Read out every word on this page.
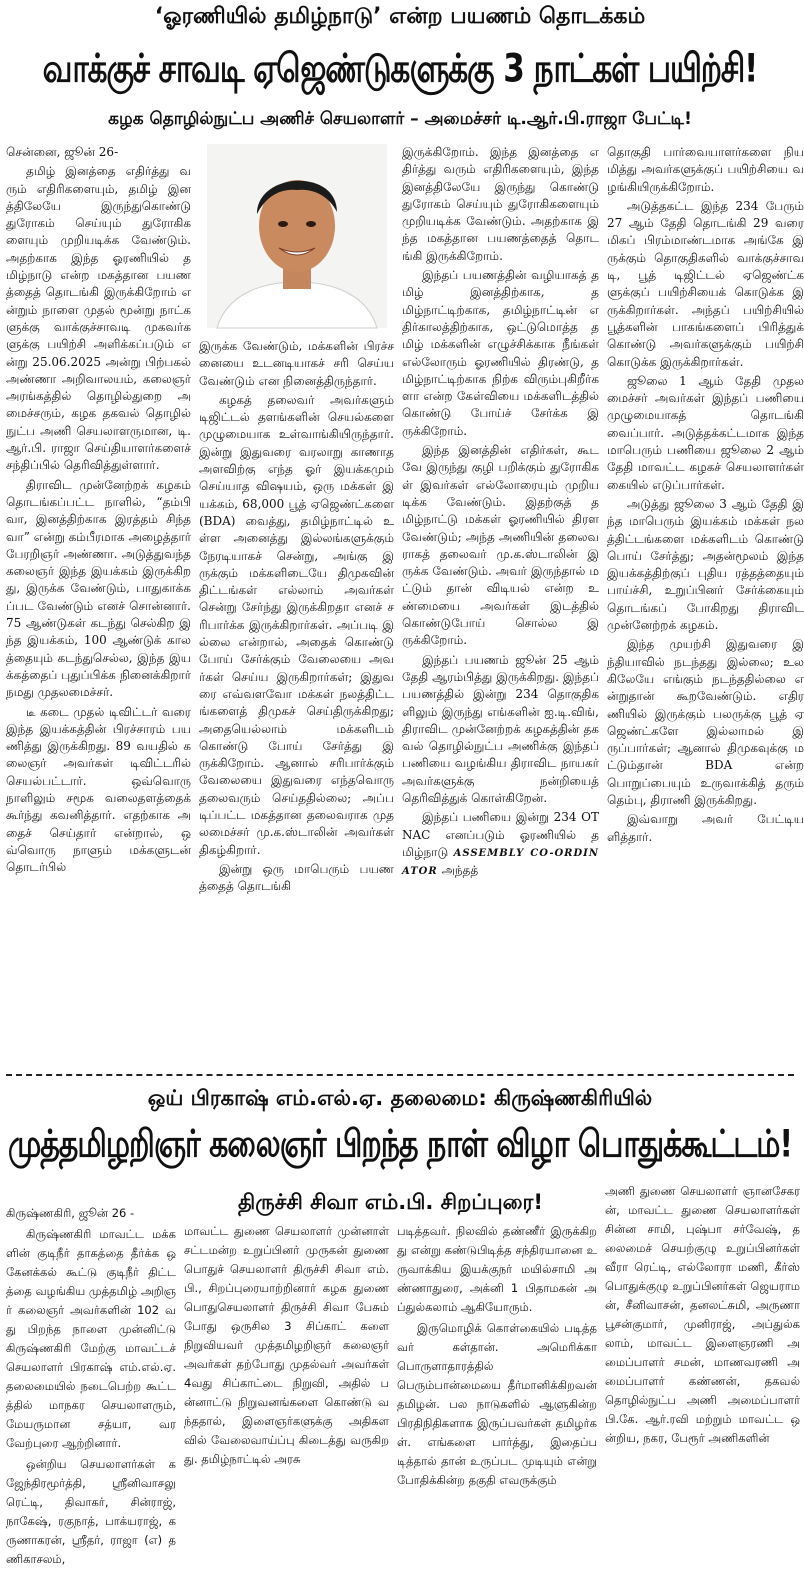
‘ஓரணியில் தமிழ்நாடு’ என்ற பயணம் தொடக்கம்
வாக்குச் சாவடி ஏஜெண்டுகளுக்கு 3 நாட்கள் பயிற்சி!
கழக தொழில்நுட்ப அணிச் செயலாளர் – அமைச்சர் டி.ஆர்.பி.ராஜா பேட்டி!

சென்னை, ஜூன் 26-

தமிழ் இனத்தை எதிர்த்து வரும் எதிரிகளையும், தமிழ் இனத்திலேயே இருந்துகொண்டு துரோகம் செய்யும் துரோகிகளையும் முறியடிக்க வேண்டும். அதற்காக இந்த ஓரணியில் தமிழ்நாடு என்ற மகத்தான பயணத்தைத் தொடங்கி இருக்கிறோம் என்றும் நாளை முதல் மூன்று நாட்களுக்கு வாக்குச்சாவடி முகவர்களுக்கு பயிற்சி அளிக்கப்படும் என்று 25.06.2025 அன்று பிற்பகல் அண்ணா அறிவாலயம், கலைஞர் அரங்கத்தில் தொழில்துறை அமைச்சரும், கழக தகவல் தொழில் நுட்ப அணி செயலாளருமான, டி.ஆர்.பி. ராஜா செய்தியாளர்களைச் சந்திப்பில் தெரிவித்துள்ளார்.

திராவிட முன்னேற்றக் கழகம் தொடங்கப்பட்ட நாளில், “தம்பி வா, இனத்திற்காக இரத்தம் சிந்த வா” என்று கம்பீரமாக அழைத்தார் பேரறிஞர் அண்ணா. அடுத்துவந்த கலைஞர் இந்த இயக்கம் இருக்கிறது, இருக்க வேண்டும், பாதுகாக்கப்பட வேண்டும் எனச் சொன்னார். 75 ஆண்டுகள் கடந்து செல்கிற இந்த இயக்கம், 100 ஆண்டுக் காலத்தையும் கடந்துசெல்ல, இந்த இயக்கத்தைப் புதுப்பிக்க நினைக்கிறார் நமது முதலமைச்சர்.

டீ கடை முதல் டிவிட்டர் வரை இந்த இயக்கத்தின் பிரச்சாரம் பயணித்து இருக்கிறது. 89 வயதில் கலைஞர் அவர்கள் டிவிட்டரில் செயல்பட்டார். ஒவ்வொரு நாளிலும் சமூக வலைதளத்தைக் கூர்ந்து கவனித்தார். எதற்காக அதைச் செய்தார் என்றால், ஒவ்வொரு நாளும் மக்களுடன் தொடர்பில்

இருக்க வேண்டும், மக்களின் பிரச்சனையை உடனடியாகச் சரி செய்ய வேண்டும் என நினைத்திருந்தார்.

கழகத் தலைவர் அவர்களும் டிஜிட்டல் தளங்களின் செயல்களை முழுமையாக உள்வாங்கியிருந்தார். இன்று இதுவரை வரலாறு காணாத அளவிற்கு எந்த ஓர் இயக்கமும் செய்யாத விஷயம், ஒரு மக்கள் இயக்கம், 68,000 பூத் ஏஜெண்ட்களை (BDA) வைத்து, தமிழ்நாட்டில் உள்ள அனைத்து இல்லங்களுக்கும் நேரடியாகச் சென்று, அங்கு இருக்கும் மக்களிடையே திமுகவின் திட்டங்கள் எல்லாம் அவர்கள் சென்று சேர்ந்து இருக்கிறதா எனச் சரிபார்க்க இருக்கிறார்கள். அப்படி இல்லை என்றால், அதைக் கொண்டு போய் சேர்க்கும் வேலையை அவர்கள் செய்ய இருகிறார்கள்; இதுவரை எவ்வளவோ மக்கள் நலத்திட்டங்களைத் திமுகச் செய்திருக்கிறது; அதையெல்லாம் மக்களிடம் கொண்டு போய் சேர்த்து இருக்கிறோம். ஆனால் சரிபார்க்கும் வேலையை இதுவரை எந்தவொரு தலைவரும் செய்ததில்லை; அப்படிப்பட்ட மகத்தான தலைவராக முதலமைச்சர் மு.க.ஸ்டாலின் அவர்கள் திகழ்கிறார்.

இன்று ஒரு மாபெரும் பயணத்தைத் தொடங்கி

இருக்கிறோம். இந்த இனத்தை எதிர்த்து வரும் எதிரிகளையும், இந்த இனத்திலேயே இருந்து கொண்டு துரோகம் செய்யும் துரோகிகளையும் முறியடிக்க வேண்டும். அதற்காக இந்த மகத்தான பயணத்தைத் தொடங்கி இருக்கிறோம்.

இந்தப் பயணத்தின் வழியாகத் தமிழ் இனத்திற்காக, தமிழ்நாட்டிற்காக, தமிழ்நாட்டின் எதிர்காலத்திற்காக, ஒட்டுமொத்த தமிழ் மக்களின் எழுச்சிக்காக நீங்கள் எல்லோரும் ஓரணியில் திரண்டு, தமிழ்நாட்டிற்காக நிற்க விரும்புகிறீர்களா என்ற கேள்வியை மக்களிடத்தில் கொண்டு போய்ச் சேர்க்க இருக்கிறோம்.

இந்த இனத்தின் எதிர்கள், கூடவே இருந்து குழி பறிக்கும் துரோகிகள் இவர்கள் எல்லோரையும் முறியடிக்க வேண்டும். இதற்குத் தமிழ்நாட்டு மக்கள் ஓரணியில் திரள வேண்டும்; அந்த அணியின் தலைவராகத் தலைவர் மு.க.ஸ்டாலின் இருக்க வேண்டும். அவர் இருந்தால் மட்டும் தான் விடியல் என்ற உண்மையை அவர்கள் இடத்தில் கொண்டுபோய் சொல்ல இருக்கிறோம்.

இந்தப் பயணம் ஜூன் 25 ஆம் தேதி ஆரம்பித்து இருக்கிறது. இந்தப் பயணத்தில் இன்று 234 தொகுதிகளிலும் இருந்து எங்களின் ஐ.டி.விங், திராவிட முன்னேற்றக் கழகத்தின் தகவல் தொழில்நுட்ப அணிக்கு இந்தப் பணியை வழங்கிய திராவிட நாயகர் அவர்களுக்கு நன்றியைத் தெரிவித்துக் கொள்கிறேன்.

இந்தப் பணியை இன்று 234 OTNAC எனப்படும் ஓரணியில் தமிழ்நாடு ASSEMBLY CO-ORDINATOR அந்தத்

தொகுதி பார்வையாளர்களை நியமித்து அவர்களுக்குப் பயிற்சியை வழங்கியிருக்கிறோம்.

அடுத்தகட்ட இந்த 234 பேரும் 27 ஆம் தேதி தொடங்கி 29 வரை மிகப் பிரம்மாண்டமாக அங்கே இருக்கும் தொகுதிகளில் வாக்குச்சாவடி, பூத் டிஜிட்டல் ஏஜெண்ட்களுக்குப் பயிற்சியைக் கொடுக்க இருக்கிறார்கள். அந்தப் பயிற்சியில் பூத்களின் பாகங்களைப் பிரித்துக் கொண்டு அவர்களுக்கும் பயிற்சி கொடுக்க இருக்கிறார்கள்.

ஜூலை 1 ஆம் தேதி முதலமைச்சர் அவர்கள் இந்தப் பணியை முழுமையாகத் தொடங்கி வைப்பார். அடுத்தக்கட்டமாக இந்த மாபெரும் பணியை ஜூலை 2 ஆம் தேதி மாவட்ட கழகச் செயலாளர்கள் கையில் எடுப்பார்கள்.

அடுத்து ஜூலை 3 ஆம் தேதி இந்த மாபெரும் இயக்கம் மக்கள் நலத்திட்டங்களை மக்களிடம் கொண்டு பொய் சேர்த்து; அதன்மூலம் இந்த இயக்கத்திற்குப் புதிய ரத்தத்தையும் பாய்ச்சி, உறுப்பினர் சேர்க்கையும் தொடங்கப் போகிறது திராவிட முன்னேற்றக் கழகம்.

இந்த முயற்சி இதுவரை இந்தியாவில் நடந்தது இல்லை; உலகிலேயே எங்கும் நடந்ததில்லை என்றுதான் கூறவேண்டும். எதிரணியில் இருக்கும் பலருக்கு பூத் ஏஜெண்ட்களே இல்லாமல் இருப்பார்கள்; ஆனால் திமுகவுக்கு மட்டும்தான் BDA என்ற பொறுப்பையும் உருவாக்கித் தரும் தெம்பு, திராணி இருக்கிறது.

இவ்வாறு அவர் பேட்டியளித்தார்.

ஒய் பிரகாஷ் எம்.எல்.ஏ. தலைமை: கிருஷ்ணகிரியில்
முத்தமிழறிஞர் கலைஞர் பிறந்த நாள் விழா பொதுக்கூட்டம்!

கிருஷ்ணகிரி, ஜூன் 26 -

கிருஷ்ணகிரி மாவட்ட மக்களின் குடிநீர் தாகத்தை தீர்க்க ஒகேனக்கல் கூட்டு குடிநீர் திட்டத்தை வழங்கிய முத்தமிழ் அறிஞர் கலைஞர் அவர்களின் 102 வது பிறந்த நாளை முன்னிட்டு கிருஷ்ணகிரி மேற்கு மாவட்டச் செயலாளர் பிரகாஷ் எம்.எல்.ஏ. தலைமையில் நடைபெற்ற கூட்டத்தில் மாநகர செயலாளரும், மேயருமான சத்யா, வரவேற்புரை ஆற்றினார்.

ஒன்றிய செயலாளர்கள் கஜேந்திரமூர்த்தி, ஸ்ரீனிவாசலு ரெட்டி, திவாகர், சின்ராஜ், நாகேஷ், ரகுநாத், பாக்யராஜ், கருணாகரன், ஸ்ரீதர், ராஜா (எ) தணிகாசலம்,

திருச்சி சிவா எம்.பி. சிறப்புரை!

மாவட்ட துணை செயலாளர் முன்னாள் சட்டமன்ற உறுப்பினர் முருகன் துணை பொதுச் செயலாளர் திருச்சி சிவா எம்.பி., சிறப்புரையாற்றினார் கழக துணை பொதுசெயலாளர் திருச்சி சிவா பேசும் போது ஒருசில 3 சிப்காட் களை நிறுவியவர் முத்தமிழறிஞர் கலைஞர் அவர்கள் தற்போது முதல்வர் அவர்கள் 4வது சிப்காட்டை நிறுவி, அதில் பன்னாட்டு நிறுவனங்களை கொண்டு வந்ததால், இளைஞர்களுக்கு அதிகள வில் வேலைவாய்ப்பு கிடைத்து வருகிறது. தமிழ்நாட்டில் அரசு

படித்தவர். நிலவில் தண்ணீர் இருக்கிறது என்று கண்டுபிடித்த சந்திரயானை உருவாக்கிய இயக்குநர் மயில்சாமி அண்ணாதுரை, அக்னி 1 பிதாமகன் அப்துல்கலாம் ஆகியோரும்.

இருமொழிக் கொள்கையில் படித்தவர் கள்தான். அமெரிக்கா பொருளாதாரத்தில் பெரும்பான்மையை தீர்மானிக்கிறவன் தமிழன். பல நாடுகளில் ஆளுகின்ற பிரதிநிதிகளாக இருப்பவர்கள் தமிழர்கள். எங்களை பார்த்து, இதைப்படித்தால் தான் உருப்பட முடியும் என்று போதிக்கின்ற தகுதி எவருக்கும்

அணி துணை செயலாளர் ஞானசேகரன், மாவட்ட துணை செயலாளர்கள் சின்ன சாமி, புஷ்பா சர்வேஷ், தலைமைச் செயற்குழு உறுப்பினர்கள் வீரா ரெட்டி, எல்லோரா மணி, கீர்ஸ் பொதுக்குழு உறுப்பினர்கள் ஜெயராமன், சீனிவாசன், தனலட்சுமி, அருணா பூசன்குமார், முனிராஜ், அப்துல்கலாம், மாவட்ட இளைஞரணி அமைப்பாளர் சமன், மாணவரணி அமைப்பாளர் கண்ணன், தகவல் தொழில்நுட்ப அணி அமைப்பாளர் பி.கே. ஆர்.ரவி மற்றும் மாவட்ட ஒன்றிய, நகர, பேரூர் அணிகளின்
